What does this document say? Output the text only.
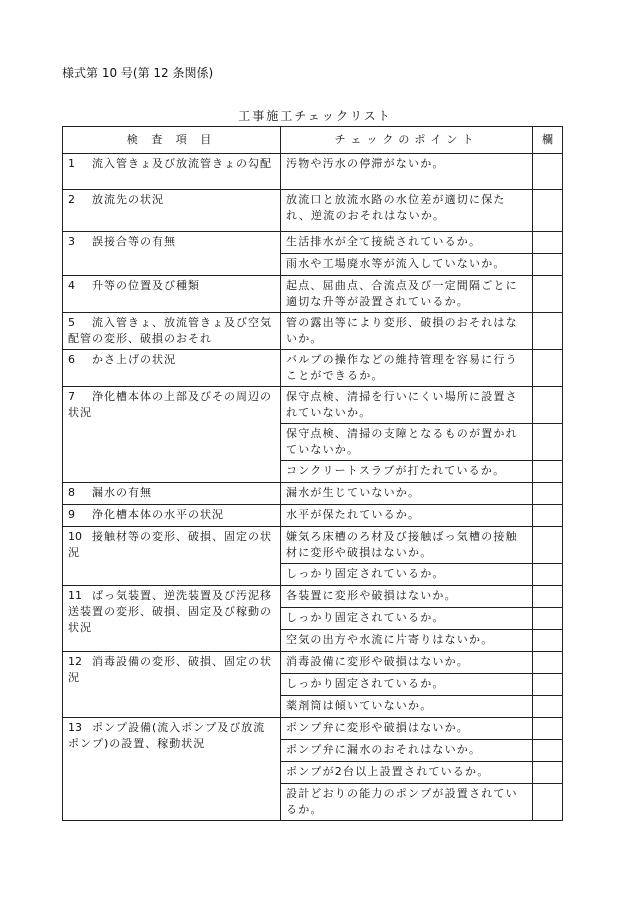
様式第 10 号(第 12 条関係)
工事施工チェックリスト
検 査 項 目	チェックのポイント	欄
1 流入管きょ及び放流管きょの勾配	汚物や汚水の停滞がないか。	
2 放流先の状況	放流口と放流水路の水位差が適切に保たれ、逆流のおそれはないか。	
3 誤接合等の有無	生活排水が全て接続されているか。	
	雨水や工場廃水等が流入していないか。	
4 升等の位置及び種類	起点、屈曲点、合流点及び一定間隔ごとに適切な升等が設置されているか。	
5 流入管きょ、放流管きょ及び空気配管の変形、破損のおそれ	管の露出等により変形、破損のおそれはないか。	
6 かさ上げの状況	バルブの操作などの維持管理を容易に行うことができるか。	
7 浄化槽本体の上部及びその周辺の状況	保守点検、清掃を行いにくい場所に設置されていないか。	
	保守点検、清掃の支障となるものが置かれていないか。	
	コンクリートスラブが打たれているか。	
8 漏水の有無	漏水が生じていないか。	
9 浄化槽本体の水平の状況	水平が保たれているか。	
10 接触材等の変形、破損、固定の状況	嫌気ろ床槽のろ材及び接触ばっ気槽の接触材に変形や破損はないか。	
	しっかり固定されているか。	
11 ばっ気装置、逆洗装置及び汚泥移送装置の変形、破損、固定及び稼動の状況	各装置に変形や破損はないか。	
	しっかり固定されているか。	
	空気の出方や水流に片寄りはないか。	
12 消毒設備の変形、破損、固定の状況	消毒設備に変形や破損はないか。	
	しっかり固定されているか。	
	薬剤筒は傾いていないか。	
13 ポンプ設備(流入ポンプ及び放流ポンプ)の設置、稼動状況	ポンプ弁に変形や破損はないか。	
	ポンプ弁に漏水のおそれはないか。	
	ポンプが2台以上設置されているか。	
	設計どおりの能力のポンプが設置されているか。	
